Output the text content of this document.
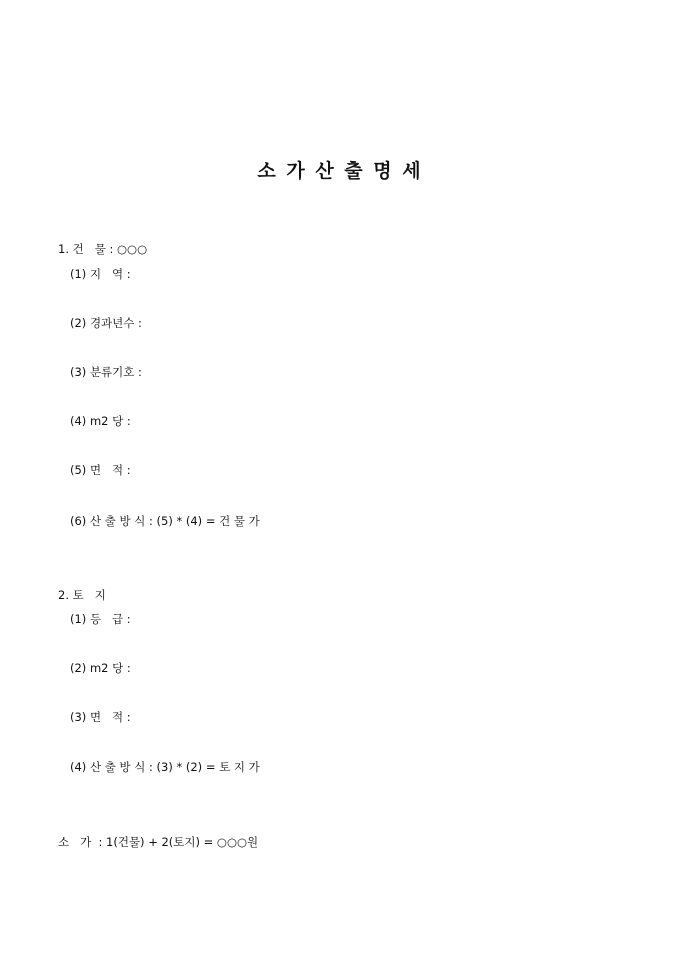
소 가 산 출 명 세
1. 건   물 : ○○○
(1) 지   역 :
(2) 경과년수 :
(3) 분류기호 :
(4) m2 당 :
(5) 면   적 :
(6) 산 출 방 식 : (5) * (4) = 건 물 가
2. 토   지
(1) 등   급 :
(2) m2 당 :
(3) 면   적 :
(4) 산 출 방 식 : (3) * (2) = 토 지 가
소   가  : 1(건물) + 2(토지) = ○○○원
